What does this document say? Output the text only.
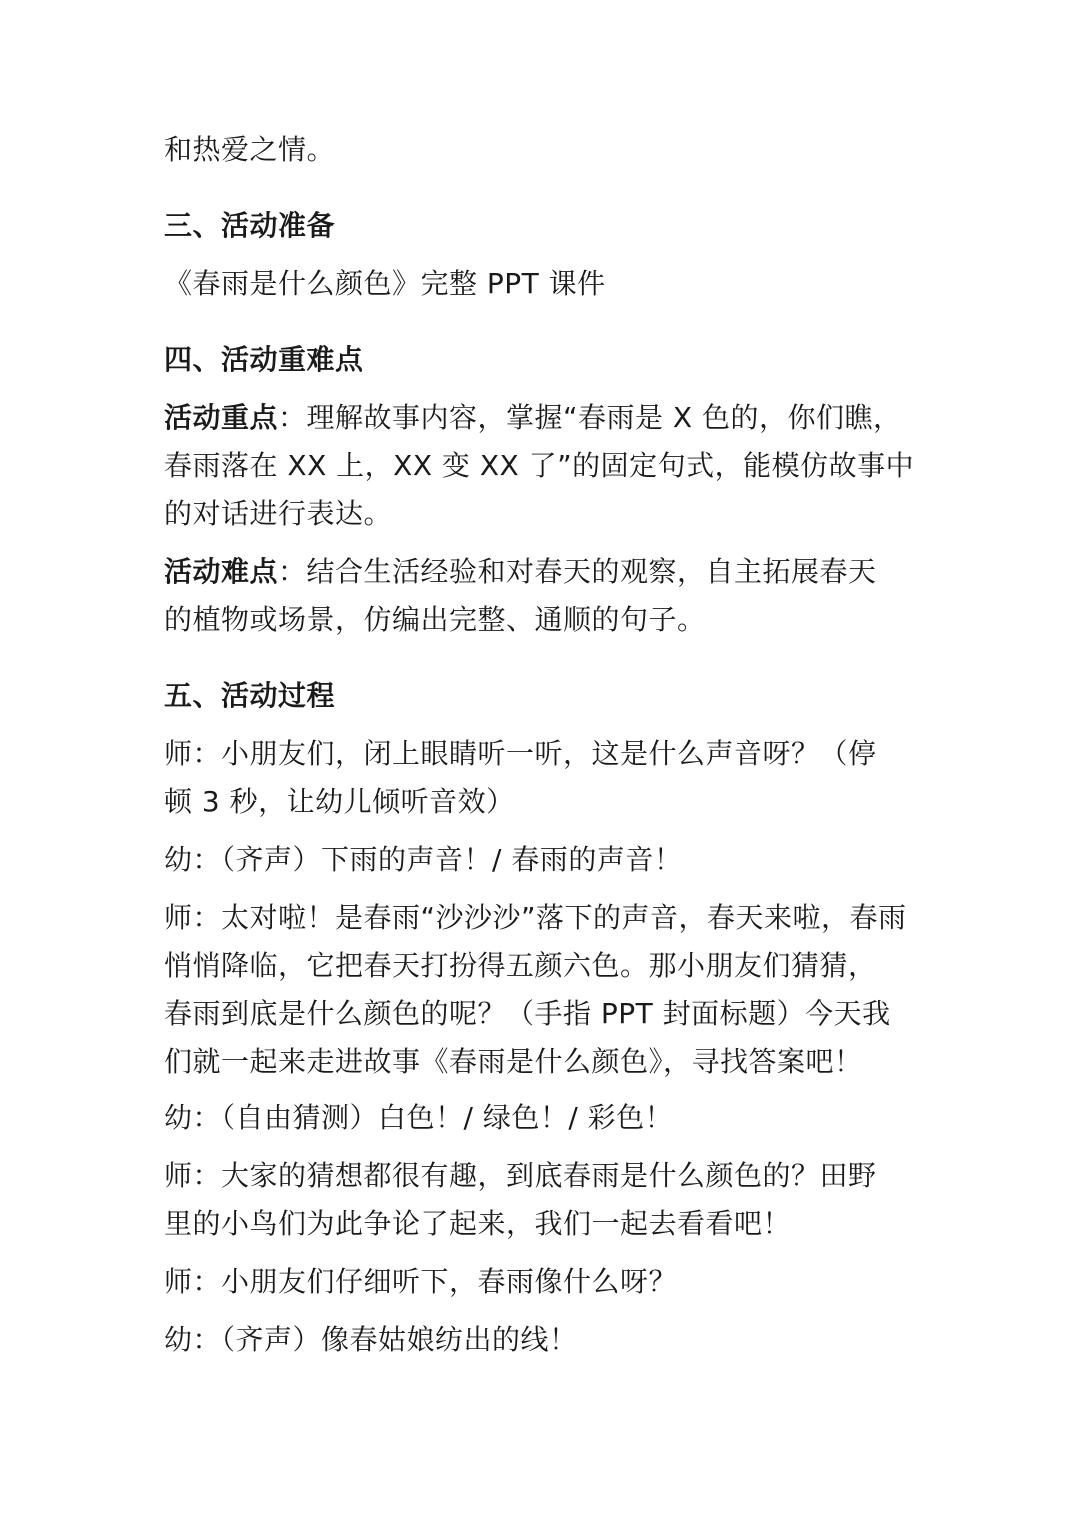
和热爱之情。
三、活动准备
《春雨是什么颜色》完整 PPT 课件
四、活动重难点
活动重点：理解故事内容，掌握“春雨是 X 色的，你们瞧，
春雨落在 XX 上，XX 变 XX 了”的固定句式，能模仿故事中
的对话进行表达。
活动难点：结合生活经验和对春天的观察，自主拓展春天
的植物或场景，仿编出完整、通顺的句子。
五、活动过程
师：小朋友们，闭上眼睛听一听，这是什么声音呀？（停
顿 3 秒，让幼儿倾听音效）
幼：（齐声）下雨的声音！/ 春雨的声音！
师：太对啦！是春雨“沙沙沙”落下的声音，春天来啦，春雨
悄悄降临，它把春天打扮得五颜六色。那小朋友们猜猜，
春雨到底是什么颜色的呢？（手指 PPT 封面标题）今天我
们就一起来走进故事《春雨是什么颜色》，寻找答案吧！
幼：（自由猜测）白色！/ 绿色！/ 彩色！
师：大家的猜想都很有趣，到底春雨是什么颜色的？田野
里的小鸟们为此争论了起来，我们一起去看看吧！
师：小朋友们仔细听下，春雨像什么呀？
幼：（齐声）像春姑娘纺出的线！
